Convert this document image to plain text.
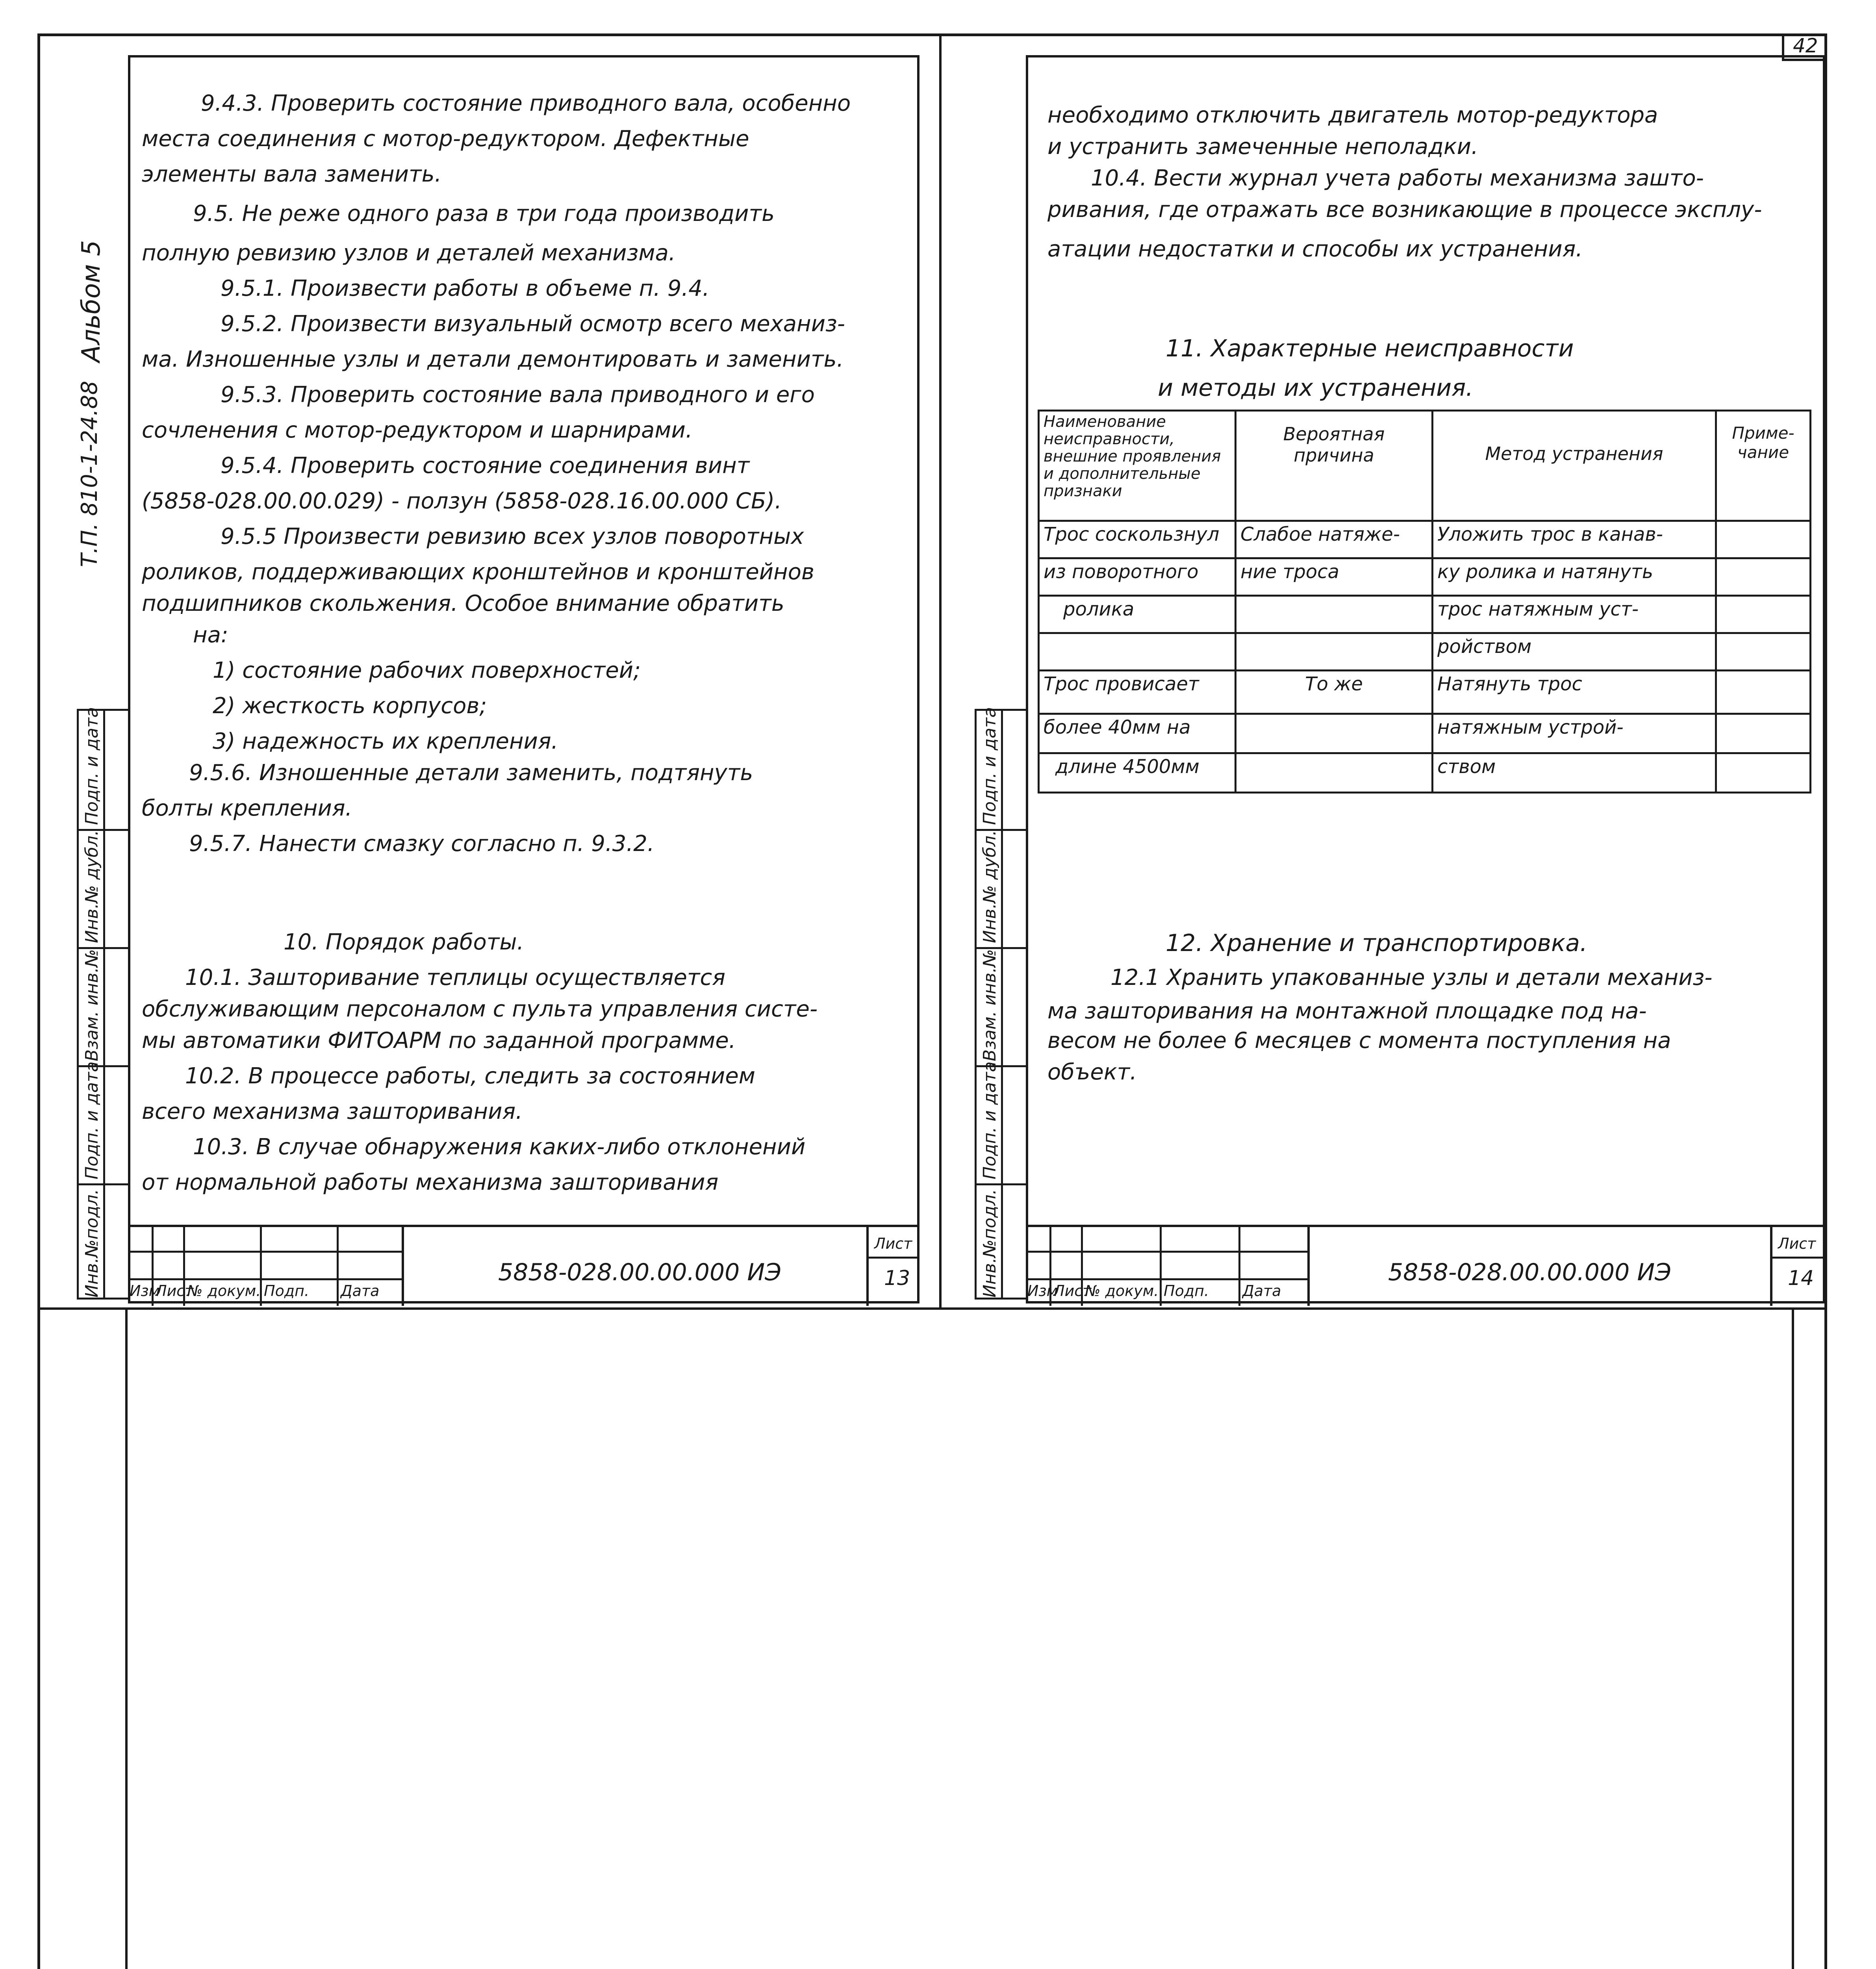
42
Альбом 5
Т.П. 810-1-24.88
Инв.№подл.
Подп. и дата
Взам. инв.№
Инв.№ дубл.
Подп. и дата
9.4.3. Проверить состояние приводного вала, особенно
места соединения с мотор-редуктором. Дефектные
элементы вала заменить.
9.5. Не реже одного раза в три года производить
полную ревизию узлов и деталей механизма.
9.5.1. Произвести работы в объеме п. 9.4.
9.5.2. Произвести визуальный осмотр всего механиз-
ма. Изношенные узлы и детали демонтировать и заменить.
9.5.3. Проверить состояние вала приводного и его
сочленения с мотор-редуктором и шарнирами.
9.5.4. Проверить состояние соединения винт
(5858-028.00.00.029) - ползун (5858-028.16.00.000 СБ).
9.5.5 Произвести ревизию всех узлов поворотных
роликов, поддерживающих кронштейнов и кронштейнов
подшипников скольжения. Особое внимание обратить
на:
1) состояние рабочих поверхностей;
2) жесткость корпусов;
3) надежность их крепления.
9.5.6. Изношенные детали заменить, подтянуть
болты крепления.
9.5.7. Нанести смазку согласно п. 9.3.2.
10. Порядок работы.
10.1. Зашторивание теплицы осуществляется
обслуживающим персоналом с пульта управления систе-
мы автоматики ФИТОАРМ по заданной программе.
10.2. В процессе работы, следить за состоянием
всего механизма зашторивания.
10.3. В случае обнаружения каких-либо отклонений
от нормальной работы механизма зашторивания
Изм
Лист
№ докум. Подп. Дата
5858-028.00.00.000 ИЭ
Лист
13	Инв.№подл.
Подп. и дата
Взам. инв.№
Инв.№ дубл.
Подп. и дата
необходимо отключить двигатель мотор-редуктора
и устранить замеченные неполадки.
10.4. Вести журнал учета работы механизма зашто-
ривания, где отражать все возникающие в процессе эксплу-
атации недостатки и способы их устранения.
11. Характерные неисправности
и методы их устранения.
Наименование неисправности, внешние проявления и дополнительные признаки	Вероятная причина	Метод устранения	Приме-чание
Трос соскользнул	Слабое натяже-	Уложить трос в канав-	
из поворотного	ние троса	ку ролика и натянуть	
ролика		трос натяжным уст-	
		ройством	
Трос провисает	То же	Натянуть трос	
более 40мм на		натяжным устрой-	
длине 4500мм		ством	
12. Хранение и транспортировка.
12.1 Хранить упакованные узлы и детали механиз-
ма зашторивания на монтажной площадке под на-
весом не более 6 месяцев с момента поступления на
объект.
Изм
Лист
№ докум. Подп. Дата
5858-028.00.00.000 ИЭ
Лист
14
